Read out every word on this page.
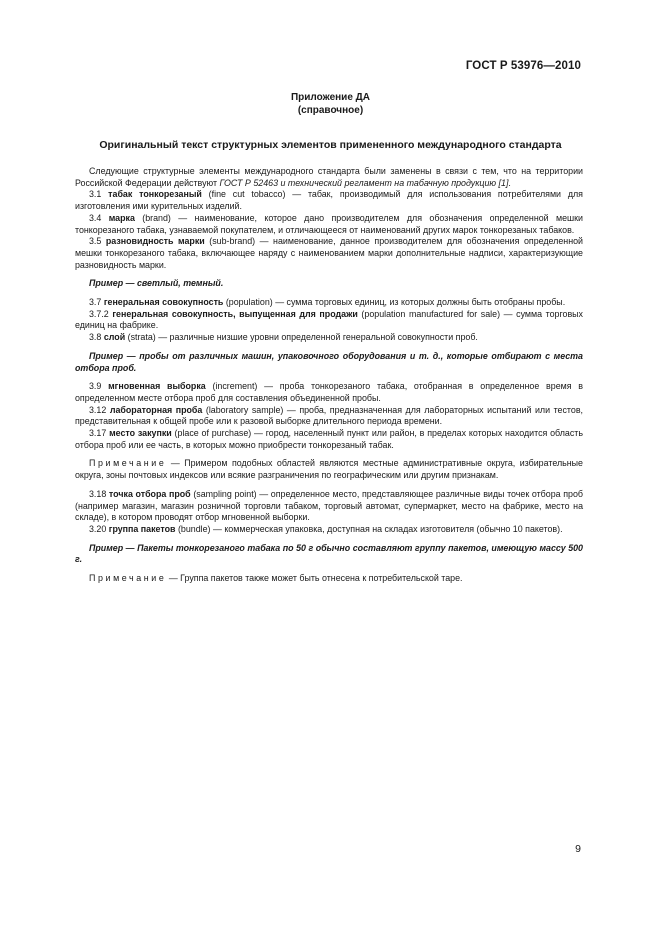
ГОСТ Р 53976—2010
Приложение ДА
(справочное)
Оригинальный текст структурных элементов примененного международного стандарта

Следующие структурные элементы международного стандарта были заменены в связи с тем, что на территории Российской Федерации действуют ГОСТ Р 52463 и технический регламент на табачную продукцию [1].

3.1 табак тонкорезаный (fine cut tobacco) — табак, производимый для использования потребителями для изготовления ими курительных изделий.

3.4 марка (brand) — наименование, которое дано производителем для обозначения определенной мешки тонкорезаного табака, узнаваемой покупателем, и отличающееся от наименований других марок тонкорезаных табаков.

3.5 разновидность марки (sub-brand) — наименование, данное производителем для обозначения определенной мешки тонкорезаного табака, включающее наряду с наименованием марки дополнительные надписи, характеризующие разновидность марки.

Пример — светлый, темный.

3.7 генеральная совокупность (population) — сумма торговых единиц, из которых должны быть отобраны пробы.

3.7.2 генеральная совокупность, выпущенная для продажи (population manufactured for sale) — сумма торговых единиц на фабрике.

3.8 слой (strata) — различные низшие уровни определенной генеральной совокупности проб.

Пример — пробы от различных машин, упаковочного оборудования и т. д., которые отбирают с места отбора проб.

3.9 мгновенная выборка (increment) — проба тонкорезаного табака, отобранная в определенное время в определенном месте отбора проб для составления объединенной пробы.

3.12 лабораторная проба (laboratory sample) — проба, предназначенная для лабораторных испытаний или тестов, представительная к общей пробе или к разовой выборке длительного периода времени.

3.17 место закупки (place of purchase) — город, населенный пункт или район, в пределах которых находится область отбора проб или ее часть, в которых можно приобрести тонкорезаный табак.

Примечание — Примером подобных областей являются местные административные округа, избирательные округа, зоны почтовых индексов или всякие разграничения по географическим или другим признакам.

3.18 точка отбора проб (sampling point) — определенное место, представляющее различные виды точек отбора проб (например магазин, магазин розничной торговли табаком, торговый автомат, супермаркет, место на фабрике, место на складе), в котором проводят отбор мгновенной выборки.

3.20 группа пакетов (bundle) — коммерческая упаковка, доступная на складах изготовителя (обычно 10 пакетов).

Пример — Пакеты тонкорезаного табака по 50 г обычно составляют группу пакетов, имеющую массу 500 г.

Примечание — Группа пакетов также может быть отнесена к потребительской таре.

9
